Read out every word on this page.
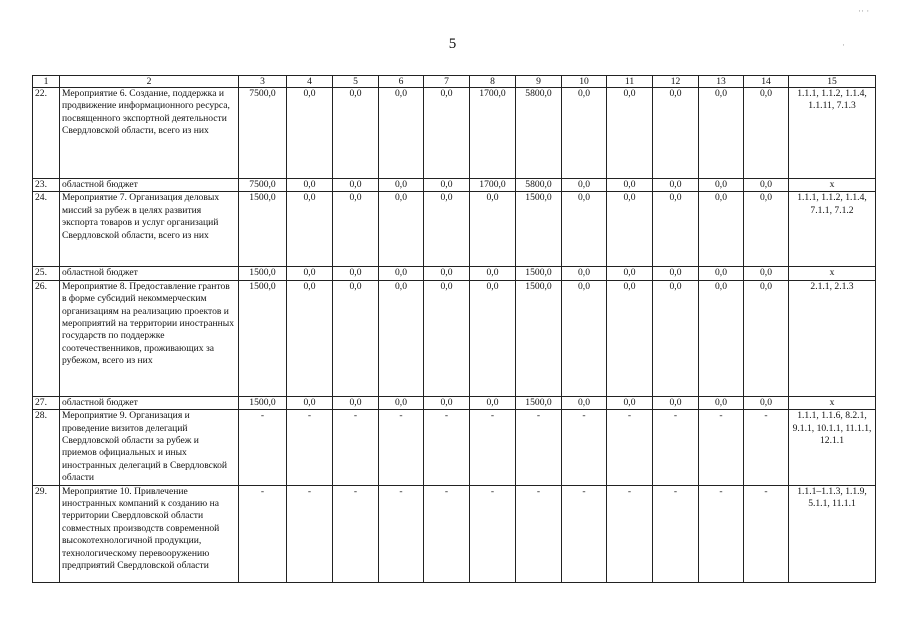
5
1	2	3	4	5	6	7	8	9	10	11	12	13	14	15
22.	Мероприятие 6. Создание, поддержка и продвижение информационного ресурса, посвященного экспортной деятельности Свердловской области, всего из них	7500,0	0,0	0,0	0,0	0,0	1700,0	5800,0	0,0	0,0	0,0	0,0	0,0	1.1.1, 1.1.2, 1.1.4, 1.1.11, 7.1.3
23.	областной бюджет	7500,0	0,0	0,0	0,0	0,0	1700,0	5800,0	0,0	0,0	0,0	0,0	0,0	x
24.	Мероприятие 7. Организация деловых миссий за рубеж в целях развития экспорта товаров и услуг организаций Свердловской области, всего из них	1500,0	0,0	0,0	0,0	0,0	0,0	1500,0	0,0	0,0	0,0	0,0	0,0	1.1.1, 1.1.2, 1.1.4, 7.1.1, 7.1.2
25.	областной бюджет	1500,0	0,0	0,0	0,0	0,0	0,0	1500,0	0,0	0,0	0,0	0,0	0,0	x
26.	Мероприятие 8. Предоставление грантов в форме субсидий некоммерческим организациям на реализацию проектов и мероприятий на территории иностранных государств по поддержке соотечественников, проживающих за рубежом, всего из них	1500,0	0,0	0,0	0,0	0,0	0,0	1500,0	0,0	0,0	0,0	0,0	0,0	2.1.1, 2.1.3
27.	областной бюджет	1500,0	0,0	0,0	0,0	0,0	0,0	1500,0	0,0	0,0	0,0	0,0	0,0	x
28.	Мероприятие 9. Организация и проведение визитов делегаций Свердловской области за рубеж и приемов официальных и иных иностранных делегаций в Свердловской области	-	-	-	-	-	-	-	-	-	-	-	-	1.1.1, 1.1.6, 8.2.1, 9.1.1, 10.1.1, 11.1.1, 12.1.1
29.	Мероприятие 10. Привлечение иностранных компаний к созданию на территории Свердловской области совместных производств современной высокотехнологичной продукции, технологическому перевооружению предприятий Свердловской области	-	-	-	-	-	-	-	-	-	-	-	-	1.1.1–1.1.3, 1.1.9, 5.1.1, 11.1.1
·· ·
·
